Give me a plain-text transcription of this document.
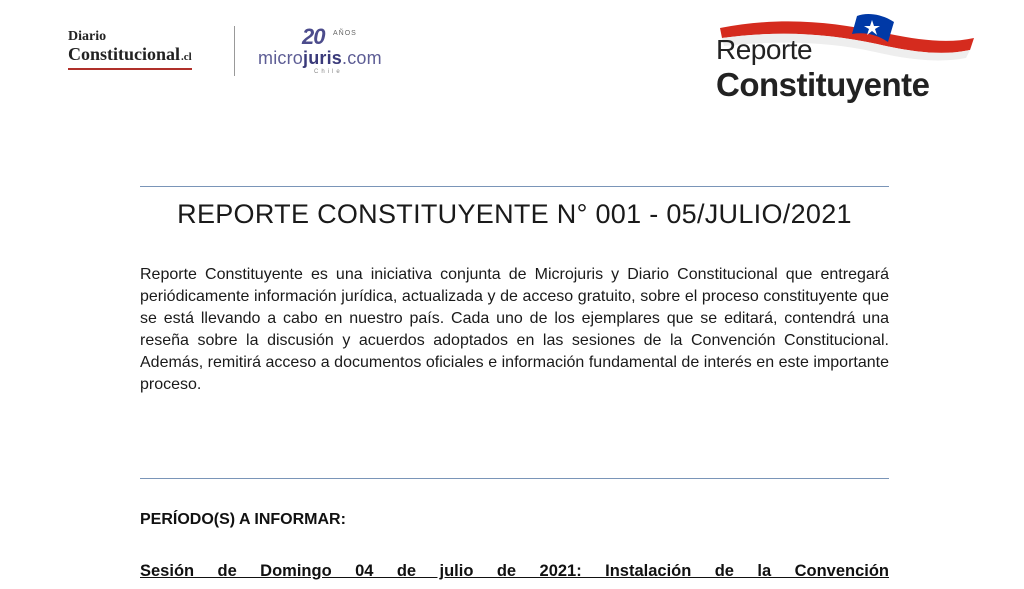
Diario
Constitucional.cl
20 AÑOS
microjuris.com
Chile
Reporte
Constituyente
REPORTE CONSTITUYENTE N° 001 - 05/JULIO/2021

Reporte Constituyente es una iniciativa conjunta de Microjuris y Diario Constitucional que entregará periódicamente información jurídica, actualizada y de acceso gratuito, sobre el proceso constituyente que se está llevando a cabo en nuestro país. Cada uno de los ejemplares que se editará, contendrá una reseña sobre la discusión y acuerdos adoptados en las sesiones de la Convención Constitucional. Además, remitirá acceso a documentos oficiales e información fundamental de interés en este importante proceso.

PERÍODO(S) A INFORMAR:

Sesión de Domingo 04 de julio de 2021: Instalación de la Convención
